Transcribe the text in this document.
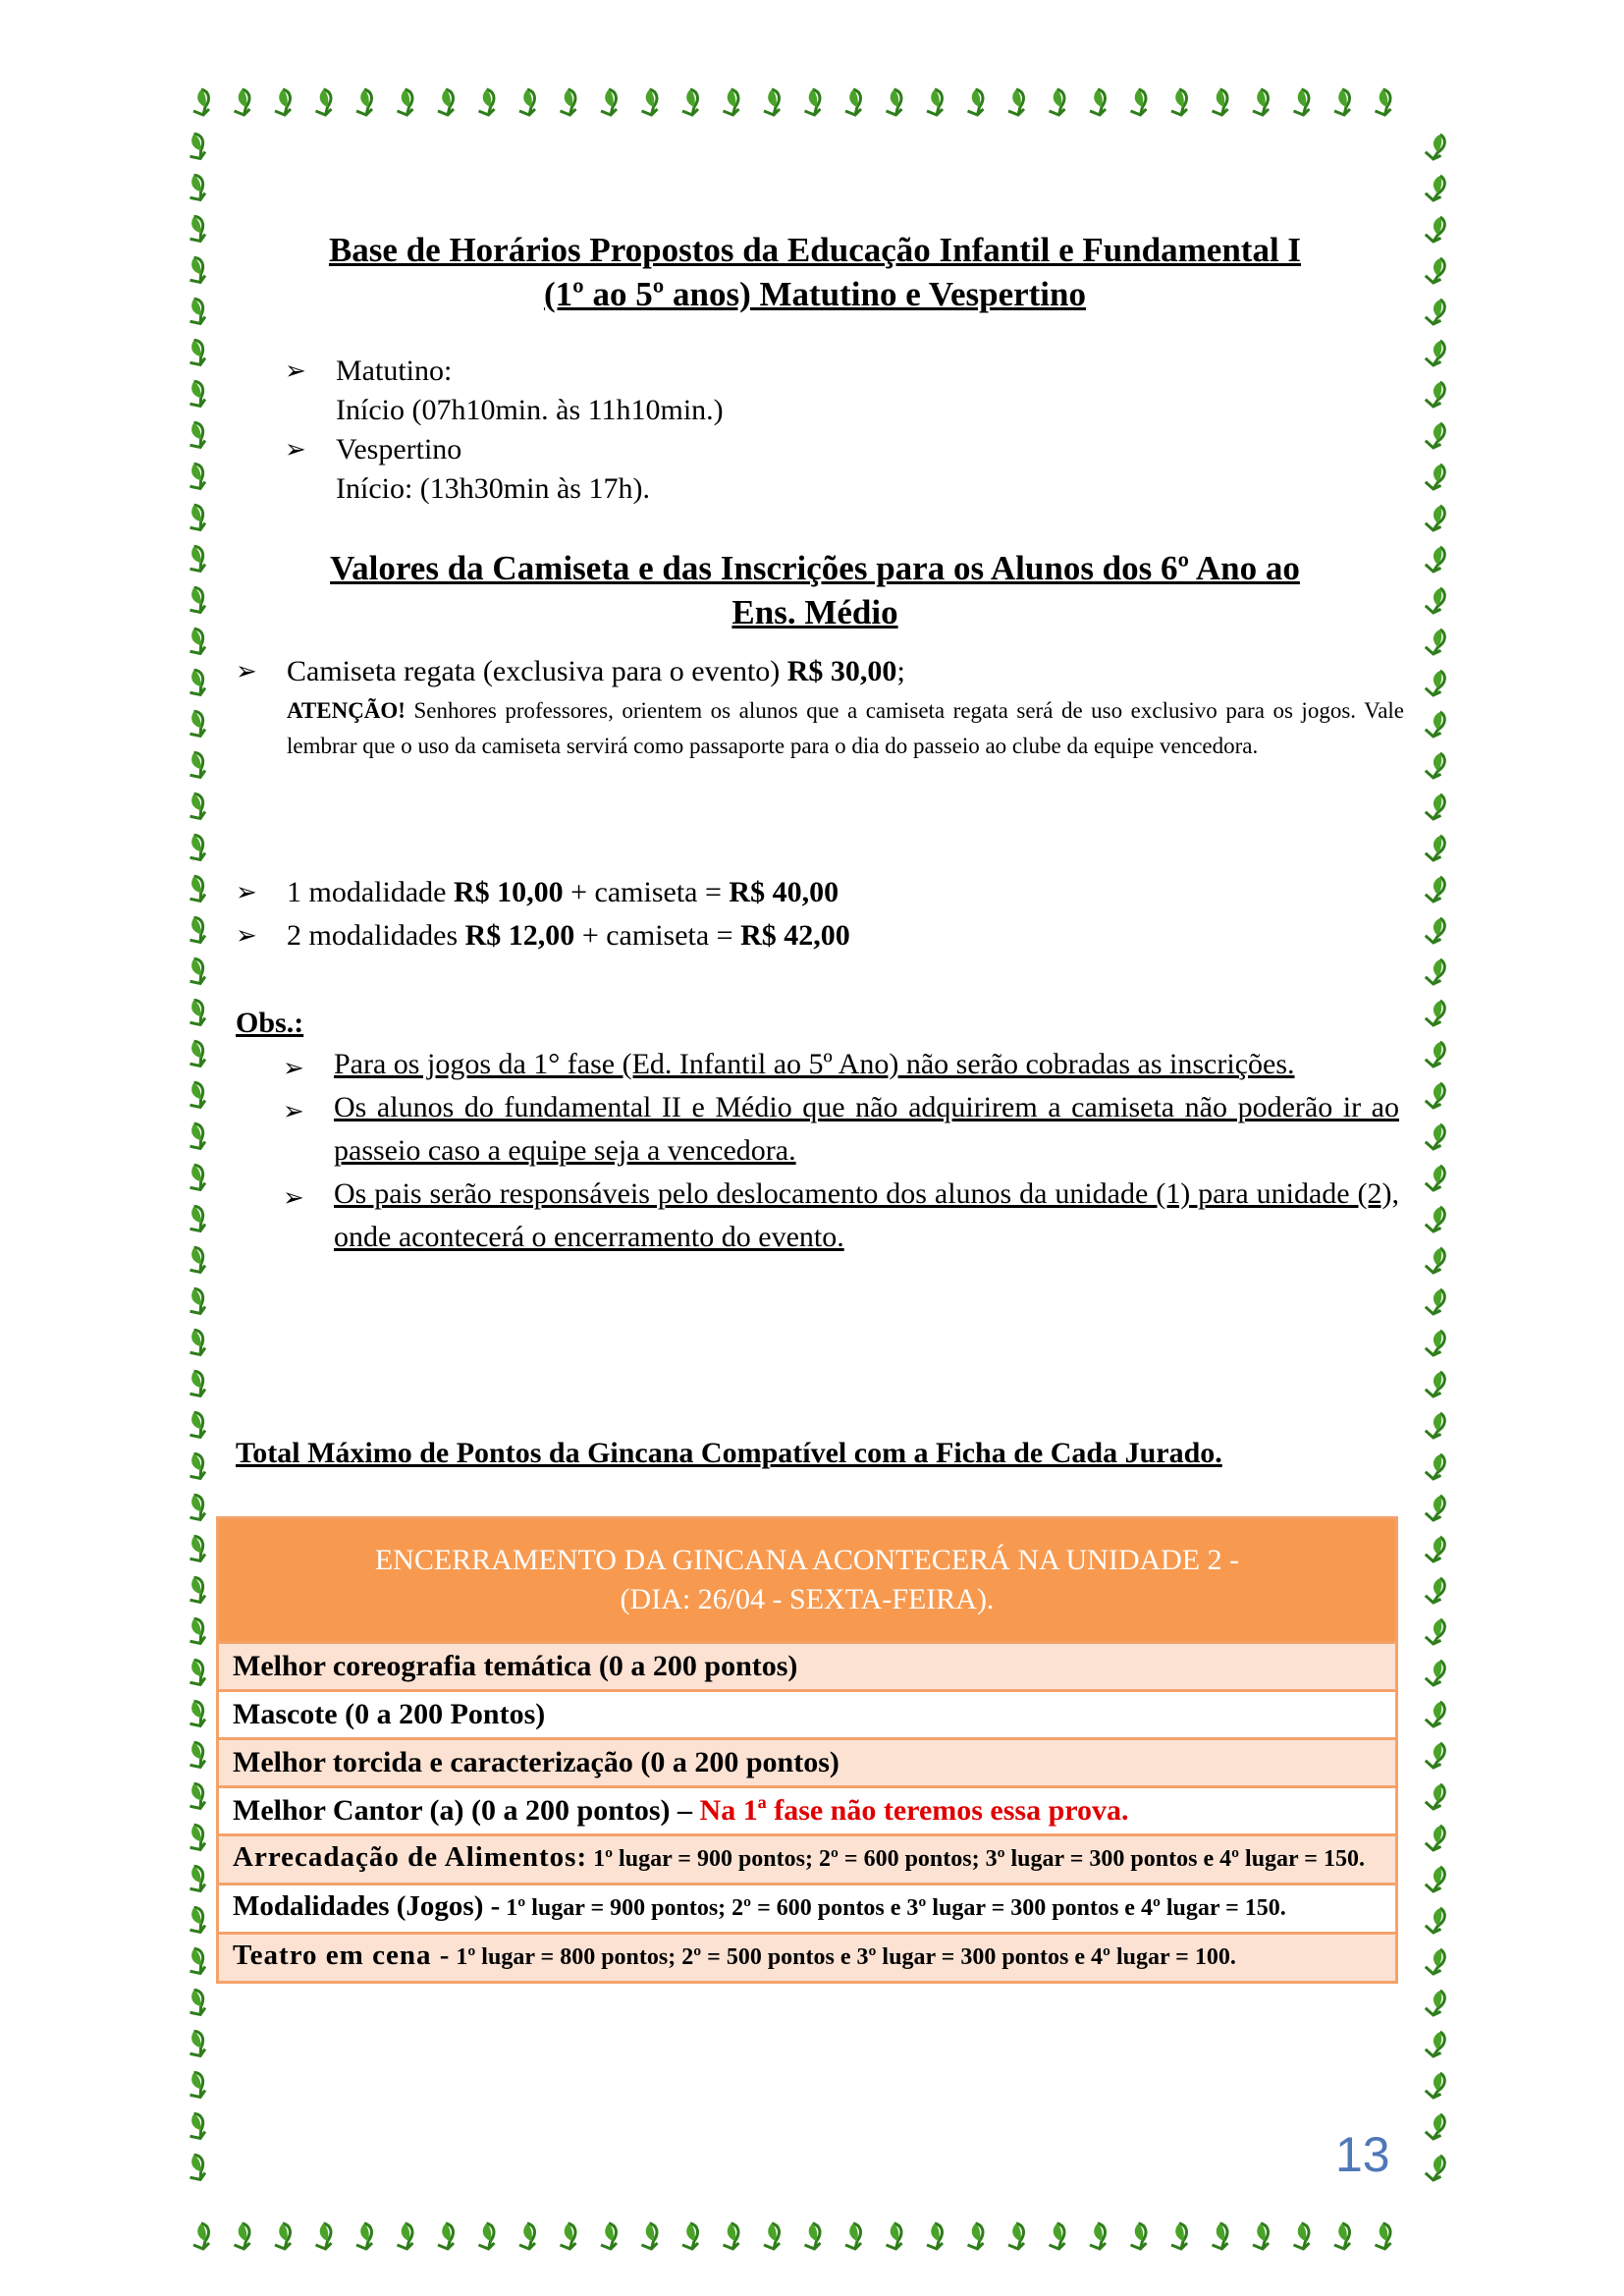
Base de Horários Propostos da Educação Infantil e Fundamental I

(1º ao 5º anos) Matutino e Vespertino

➢ Matutino:
Início (07h10min. às 11h10min.)
➢ Vespertino
Início: (13h30min às 17h).

Valores da Camiseta e das Inscrições para os Alunos dos 6º Ano ao

Ens. Médio

➢ Camiseta regata (exclusiva para o evento) R$ 30,00;
ATENÇÃO! Senhores professores, orientem os alunos que a camiseta regata será de uso exclusivo para os jogos. Vale lembrar que o uso da camiseta servirá como passaporte para o dia do passeio ao clube da equipe vencedora.
➢ 1 modalidade R$ 10,00 + camiseta = R$ 40,00
➢ 2 modalidades R$ 12,00 + camiseta = R$ 42,00
Obs.:
➢ Para os jogos da 1° fase (Ed. Infantil ao 5º Ano) não serão cobradas as inscrições.
➢ Os alunos do fundamental II e Médio que não adquirirem a camiseta não poderão ir ao passeio caso a equipe seja a vencedora.
➢ Os pais serão responsáveis pelo deslocamento dos alunos da unidade (1) para unidade (2), onde acontecerá o encerramento do evento.
Total Máximo de Pontos da Gincana Compatível com a Ficha de Cada Jurado.
ENCERRAMENTO DA GINCANA ACONTECERÁ NA UNIDADE 2 -
(DIA: 26/04 - SEXTA-FEIRA).

Melhor coreografia temática (0 a 200 pontos)
Mascote (0 a 200 Pontos)
Melhor torcida e caracterização (0 a 200 pontos)
Melhor Cantor (a) (0 a 200 pontos) – Na 1ª fase não teremos essa prova.
Arrecadação de Alimentos: 1º lugar = 900 pontos; 2º = 600 pontos; 3º lugar = 300 pontos e 4º lugar = 150.
Modalidades (Jogos) - 1º lugar = 900 pontos; 2º = 600 pontos e 3º lugar = 300 pontos e 4º lugar = 150.
Teatro em cena - 1º lugar = 800 pontos; 2º = 500 pontos e 3º lugar = 300 pontos e 4º lugar = 100.
13
